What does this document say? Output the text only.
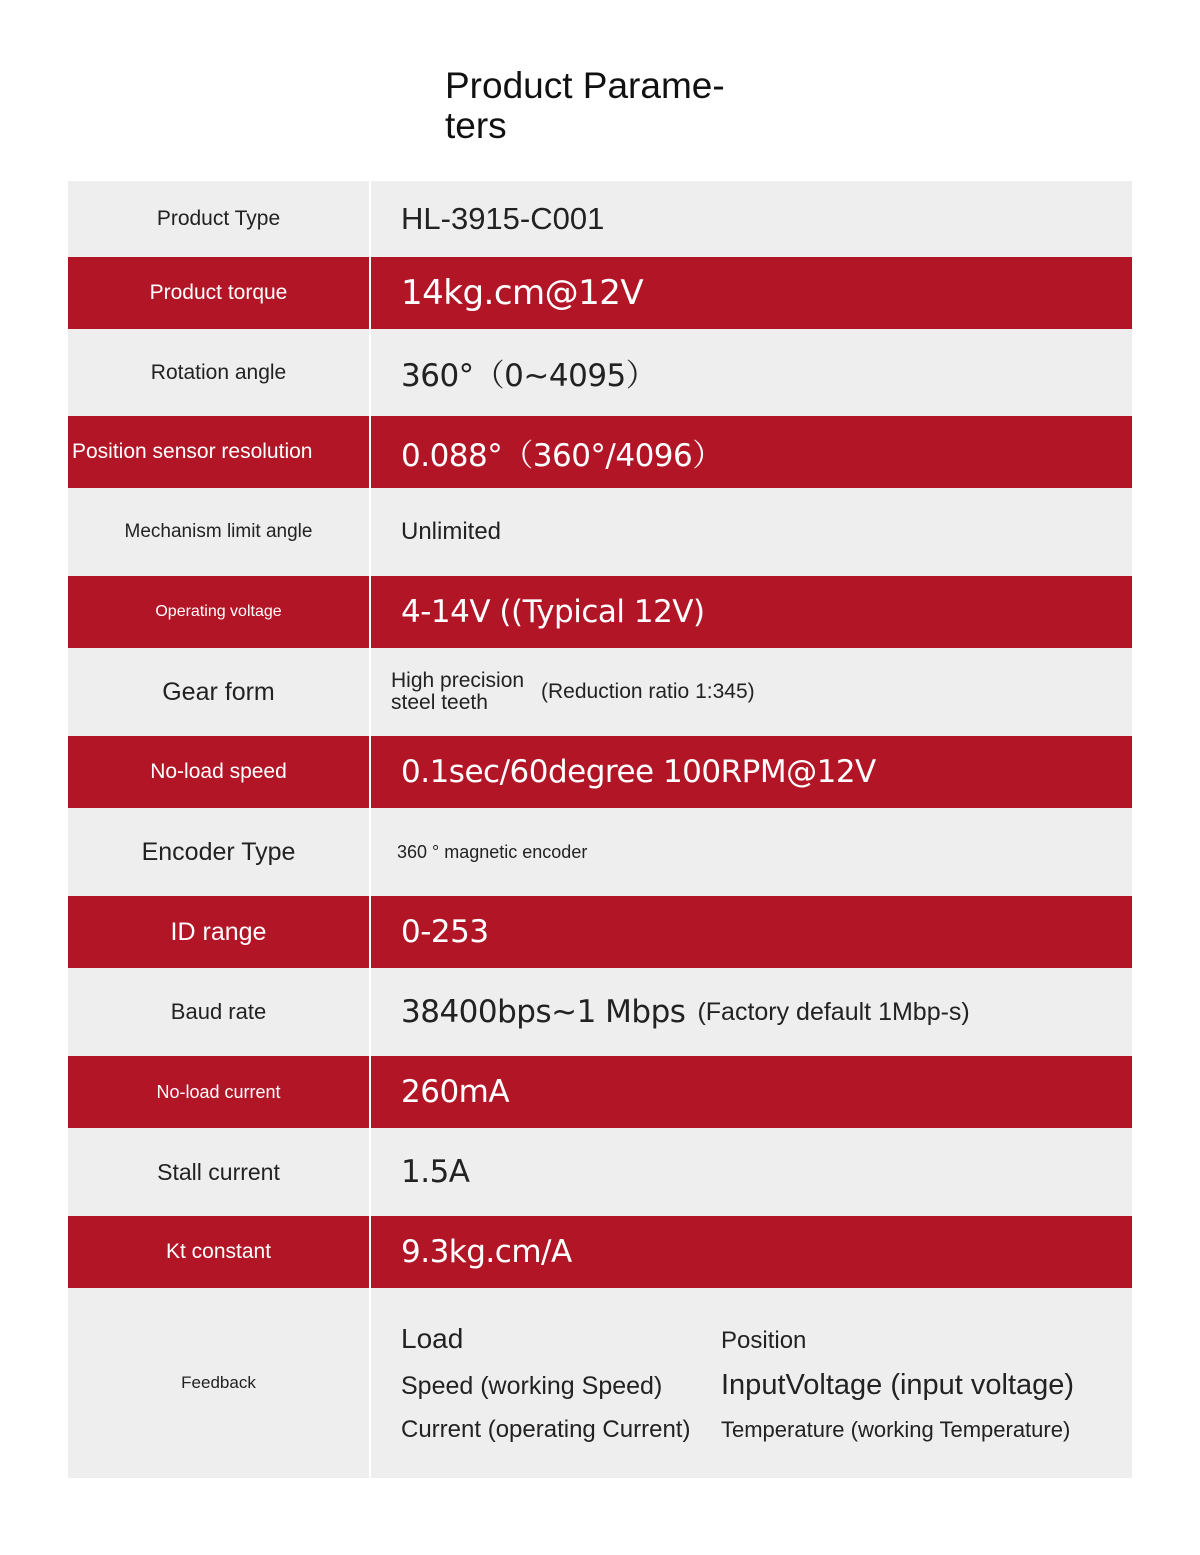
Product Parame-
ters
Product Type	HL-3915-C001
Product torque	14kg.cm@12V
Rotation angle	360°（0~4095）
Position sensor resolution	0.088°（360°/4096）
Mechanism limit angle	Unlimited
Operating voltage	4-14V ((Typical 12V)
Gear form	High precision steel teeth	(Reduction ratio 1:345)
No-load speed	0.1sec/60degree 100RPM@12V
Encoder Type	360 ° magnetic encoder
ID range	0-253
Baud rate	38400bps~1 Mbps (Factory default 1Mbp-s)
No-load current	260mA
Stall current	1.5A
Kt constant	9.3kg.cm/A
Feedback
Load	Position
Speed (working Speed)	InputVoltage (input voltage)
Current (operating Current)	Temperature (working Temperature)
